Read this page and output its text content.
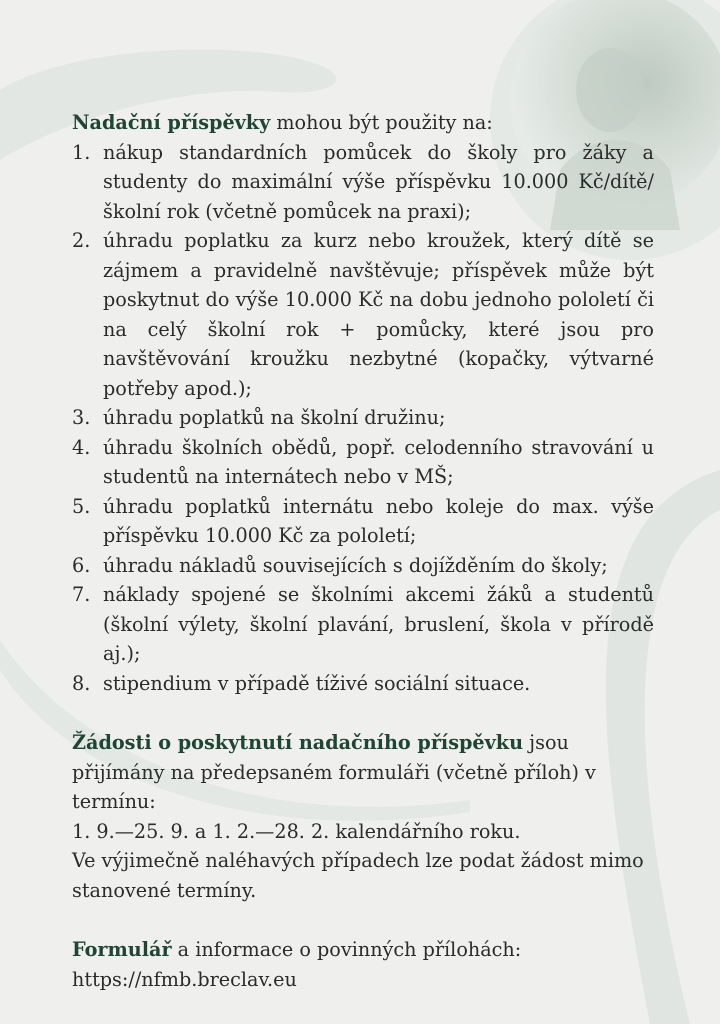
Nadační příspěvky mohou být použity na:

1. nákup standardních pomůcek do školy pro žáky a studenty do maximální výše příspěvku 10.000 Kč/dítě/školní rok (včetně pomůcek na praxi);
2. úhradu poplatku za kurz nebo kroužek, který dítě se zájmem a pravidelně navštěvuje; příspěvek může být poskytnut do výše 10.000 Kč na dobu jednoho pololetí či na celý školní rok + pomůcky, které jsou pro navštěvování kroužku nezbytné (kopačky, výtvarné potřeby apod.);
3. úhradu poplatků na školní družinu;
4. úhradu školních obědů, popř. celodenního stravování u studentů na internátech nebo v MŠ;
5. úhradu poplatků internátu nebo koleje do max. výše příspěvku 10.000 Kč za pololetí;
6. úhradu nákladů souvisejících s dojížděním do školy;
7. náklady spojené se školními akcemi žáků a studentů (školní výlety, školní plavání, bruslení, škola v přírodě aj.);
8. stipendium v případě tíživé sociální situace.

Žádosti o poskytnutí nadačního příspěvku jsou přijímány na předepsaném formuláři (včetně příloh) v termínu:

1. 9.—25. 9. a 1. 2.—28. 2. kalendářního roku.

Ve výjimečně naléhavých případech lze podat žádost mimo stanovené termíny.

Formulář a informace o povinných přílohách:

https://nfmb.breclav.eu
